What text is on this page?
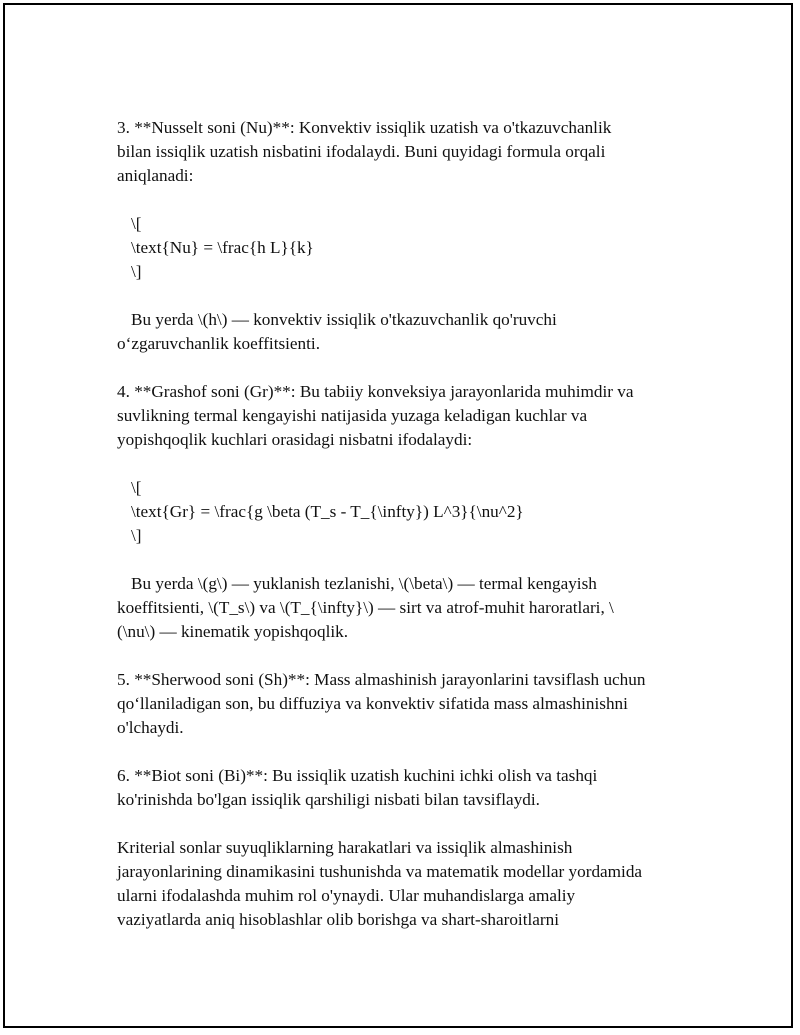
3. **Nusselt soni (Nu)**: Konvektiv issiqlik uzatish va o'tkazuvchanlik
bilan issiqlik uzatish nisbatini ifodalaydi. Buni quyidagi formula orqali
aniqlanadi:
\[
\text{Nu} = \frac{h L}{k}
\]
Bu yerda \(h\) — konvektiv issiqlik o'tkazuvchanlik qo'ruvchi
o‘zgaruvchanlik koeffitsienti.
4. **Grashof soni (Gr)**: Bu tabiiy konveksiya jarayonlarida muhimdir va
suvlikning termal kengayishi natijasida yuzaga keladigan kuchlar va
yopishqoqlik kuchlari orasidagi nisbatni ifodalaydi:
\[
\text{Gr} = \frac{g \beta (T_s - T_{\infty}) L^3}{\nu^2}
\]
Bu yerda \(g\) — yuklanish tezlanishi, \(\beta\) — termal kengayish
koeffitsienti, \(T_s\) va \(T_{\infty}\) — sirt va atrof-muhit haroratlari, \
(\nu\) — kinematik yopishqoqlik.
5. **Sherwood soni (Sh)**: Mass almashinish jarayonlarini tavsiflash uchun
qo‘llaniladigan son, bu diffuziya va konvektiv sifatida mass almashinishni
o'lchaydi.
6. **Biot soni (Bi)**: Bu issiqlik uzatish kuchini ichki olish va tashqi
ko'rinishda bo'lgan issiqlik qarshiligi nisbati bilan tavsiflaydi.
Kriterial sonlar suyuqliklarning harakatlari va issiqlik almashinish
jarayonlarining dinamikasini tushunishda va matematik modellar yordamida
ularni ifodalashda muhim rol o'ynaydi. Ular muhandislarga amaliy
vaziyatlarda aniq hisoblashlar olib borishga va shart-sharoitlarni
